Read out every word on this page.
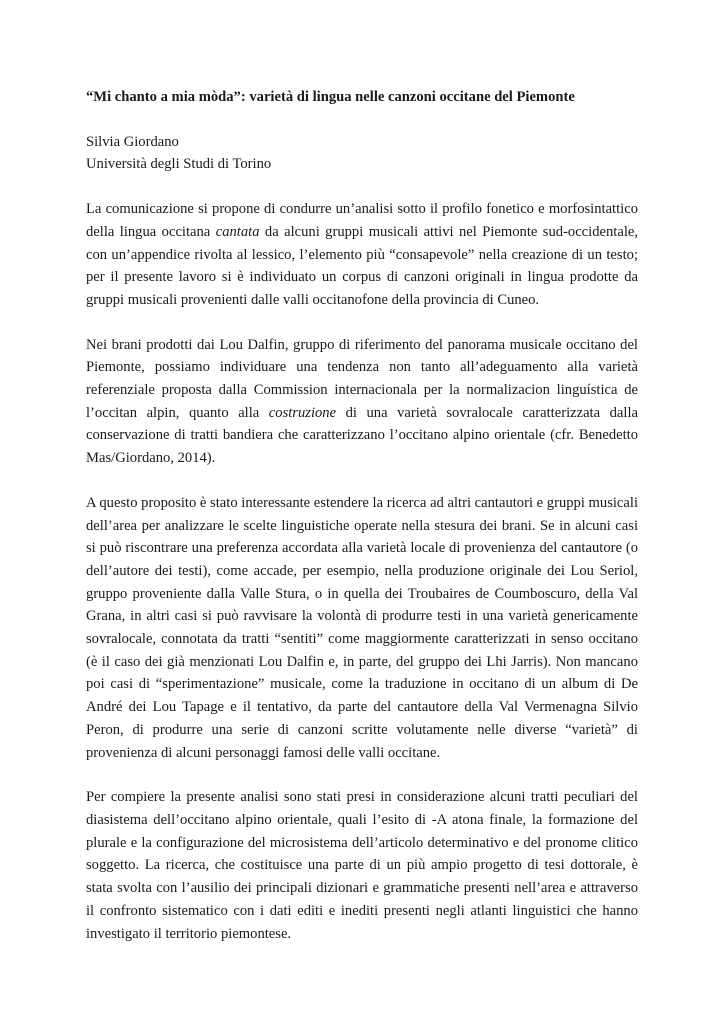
“Mi chanto a mia mòda”: varietà di lingua nelle canzoni occitane del Piemonte
Silvia Giordano
Università degli Studi di Torino

La comunicazione si propone di condurre un’analisi sotto il profilo fonetico e morfosintattico della lingua occitana cantata da alcuni gruppi musicali attivi nel Piemonte sud-occidentale, con un’appendice rivolta al lessico, l’elemento più “consapevole” nella creazione di un testo; per il presente lavoro si è individuato un corpus di canzoni originali in lingua prodotte da gruppi musicali provenienti dalle valli occitanofone della provincia di Cuneo.

Nei brani prodotti dai Lou Dalfin, gruppo di riferimento del panorama musicale occitano del Piemonte, possiamo individuare una tendenza non tanto all’adeguamento alla varietà referenziale proposta dalla Commission internacionala per la normalizacion linguística de l’occitan alpin, quanto alla costruzione di una varietà sovralocale caratterizzata dalla conservazione di tratti bandiera che caratterizzano l’occitano alpino orientale (cfr. Benedetto Mas/Giordano, 2014).

A questo proposito è stato interessante estendere la ricerca ad altri cantautori e gruppi musicali dell’area per analizzare le scelte linguistiche operate nella stesura dei brani. Se in alcuni casi si può riscontrare una preferenza accordata alla varietà locale di provenienza del cantautore (o dell’autore dei testi), come accade, per esempio, nella produzione originale dei Lou Seriol, gruppo proveniente dalla Valle Stura, o in quella dei Troubaires de Coumboscuro, della Val Grana, in altri casi si può ravvisare la volontà di produrre testi in una varietà genericamente sovralocale, connotata da tratti “sentiti” come maggiormente caratterizzati in senso occitano (è il caso dei già menzionati Lou Dalfin e, in parte, del gruppo dei Lhi Jarris). Non mancano poi casi di “sperimentazione” musicale, come la traduzione in occitano di un album di De André dei Lou Tapage e il tentativo, da parte del cantautore della Val Vermenagna Silvio Peron, di produrre una serie di canzoni scritte volutamente nelle diverse “varietà” di provenienza di alcuni personaggi famosi delle valli occitane.

Per compiere la presente analisi sono stati presi in considerazione alcuni tratti peculiari del diasistema dell’occitano alpino orientale, quali l’esito di -A atona finale, la formazione del plurale e la configurazione del microsistema dell’articolo determinativo e del pronome clitico soggetto. La ricerca, che costituisce una parte di un più ampio progetto di tesi dottorale, è stata svolta con l’ausilio dei principali dizionari e grammatiche presenti nell’area e attraverso il confronto sistematico con i dati editi e inediti presenti negli atlanti linguistici che hanno investigato il territorio piemontese.
